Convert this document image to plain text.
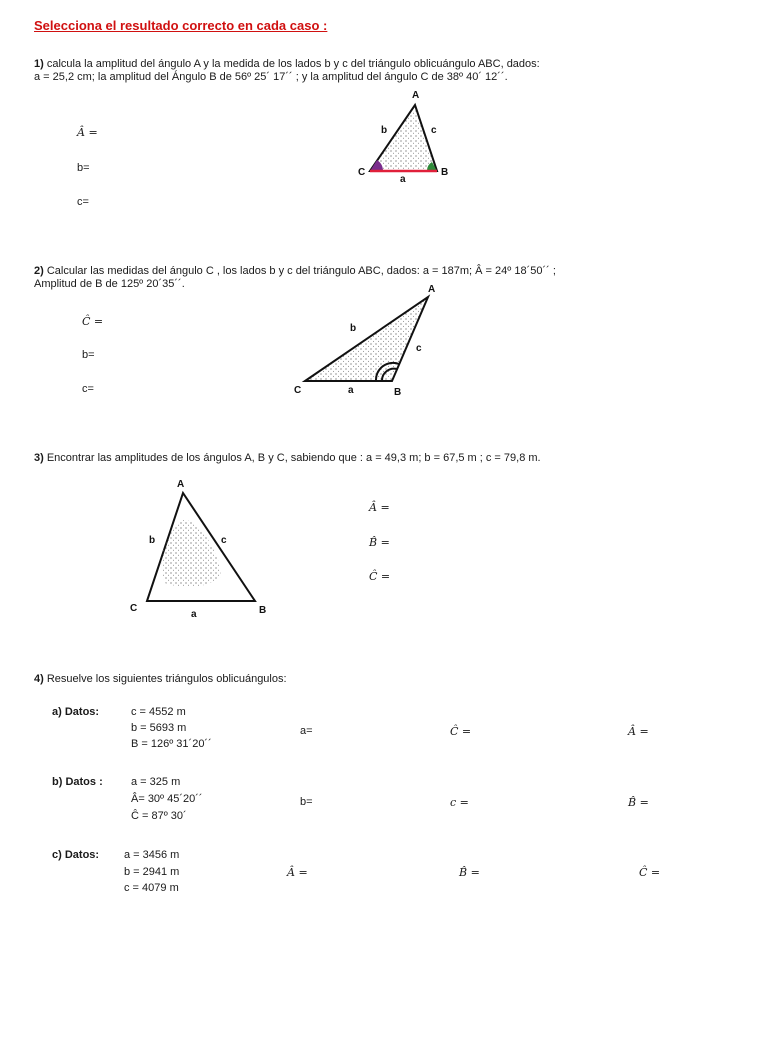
Selecciona el resultado correcto en cada caso :
1) calcula la amplitud del ángulo A y la medida de los lados b y c del triángulo oblicuángulo ABC, dados:
a = 25,2 cm; la amplitud del Ángulo B de 56º 25´ 17´´ ; y la amplitud del ángulo C de 38º 40´ 12´´.
Â =
b=
c=
A
B
C
a
b	c
2) Calcular las medidas del ángulo C , los lados b y c del triángulo ABC, dados: a = 187m; Â = 24º 18´50´´ ;
Amplitud de B de 125º 20´35´´.
Ĉ =
b=
c=
A
B
C	a
b
c
3) Encontrar las amplitudes de los ángulos A, B y C, sabiendo que : a = 49,3 m; b = 67,5 m ; c = 79,8 m.
A
B
C
a
b	c
Â =
B̂ =
Ĉ =
4) Resuelve los siguientes triángulos oblicuángulos:
a) Datos:	c = 4552 m
b = 5693 m
B = 126º 31´20´´
a=	Ĉ =	Â =
b) Datos :	a = 325 m
Â= 30º 45´20´´
Ĉ = 87º 30´
b=	c =	B̂ =
c) Datos: a = 3456 m
b = 2941 m
c = 4079 m
Â =	B̂ =	Ĉ =
